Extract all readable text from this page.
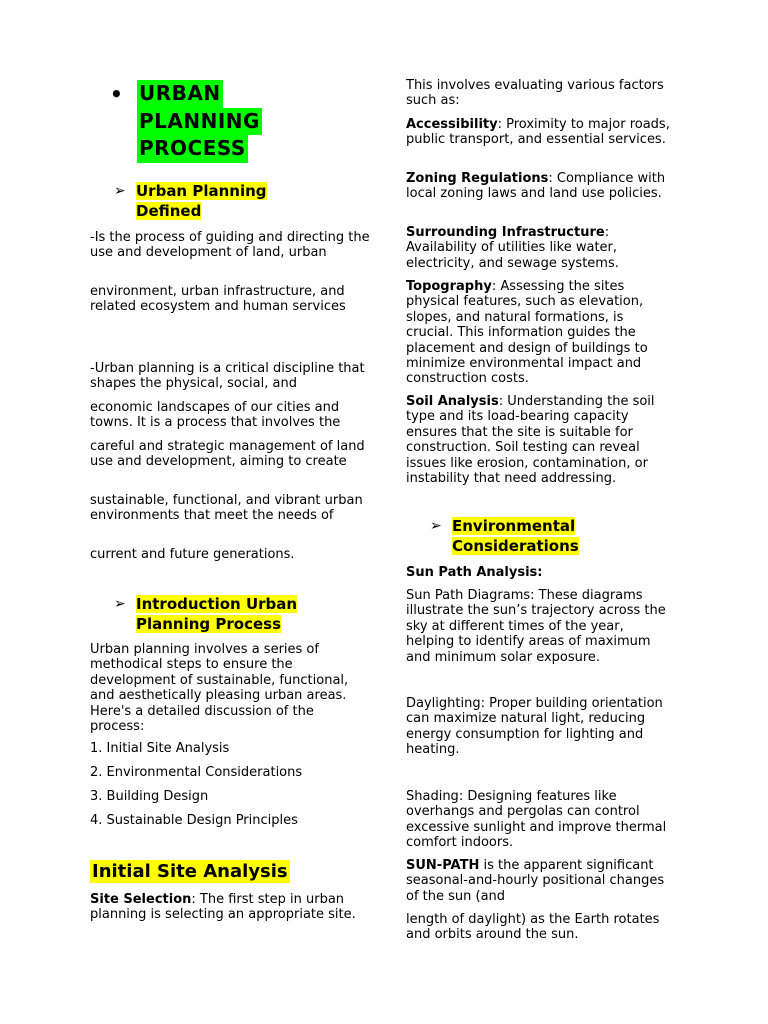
• URBAN
PLANNING
PROCESS
➢ Urban Planning
Defined

-Is the process of guiding and directing the use and development of land, urban

environment, urban infrastructure, and related ecosystem and human services

-Urban planning is a critical discipline that shapes the physical, social, and

economic landscapes of our cities and towns. It is a process that involves the

careful and strategic management of land use and development, aiming to create

sustainable, functional, and vibrant urban environments that meet the needs of

current and future generations.

➢ Introduction Urban
Planning Process

Urban planning involves a series of methodical steps to ensure the development of sustainable, functional, and aesthetically pleasing urban areas. Here's a detailed discussion of the process:

1. Initial Site Analysis

2. Environmental Considerations

3. Building Design

4. Sustainable Design Principles

Initial Site Analysis

Site Selection: The first step in urban planning is selecting an appropriate site.

This involves evaluating various factors such as:

Accessibility: Proximity to major roads, public transport, and essential services.

Zoning Regulations: Compliance with local zoning laws and land use policies.

Surrounding Infrastructure: Availability of utilities like water, electricity, and sewage systems.

Topography: Assessing the sites physical features, such as elevation, slopes, and natural formations, is crucial. This information guides the placement and design of buildings to minimize environmental impact and construction costs.

Soil Analysis: Understanding the soil type and its load-bearing capacity ensures that the site is suitable for construction. Soil testing can reveal issues like erosion, contamination, or instability that need addressing.

➢ Environmental
Considerations

Sun Path Analysis:

Sun Path Diagrams: These diagrams illustrate the sun’s trajectory across the sky at different times of the year, helping to identify areas of maximum and minimum solar exposure.

Daylighting: Proper building orientation can maximize natural light, reducing energy consumption for lighting and heating.

Shading: Designing features like overhangs and pergolas can control excessive sunlight and improve thermal comfort indoors.

SUN-PATH is the apparent significant seasonal-and-hourly positional changes of the sun (and

length of daylight) as the Earth rotates and orbits around the sun.
